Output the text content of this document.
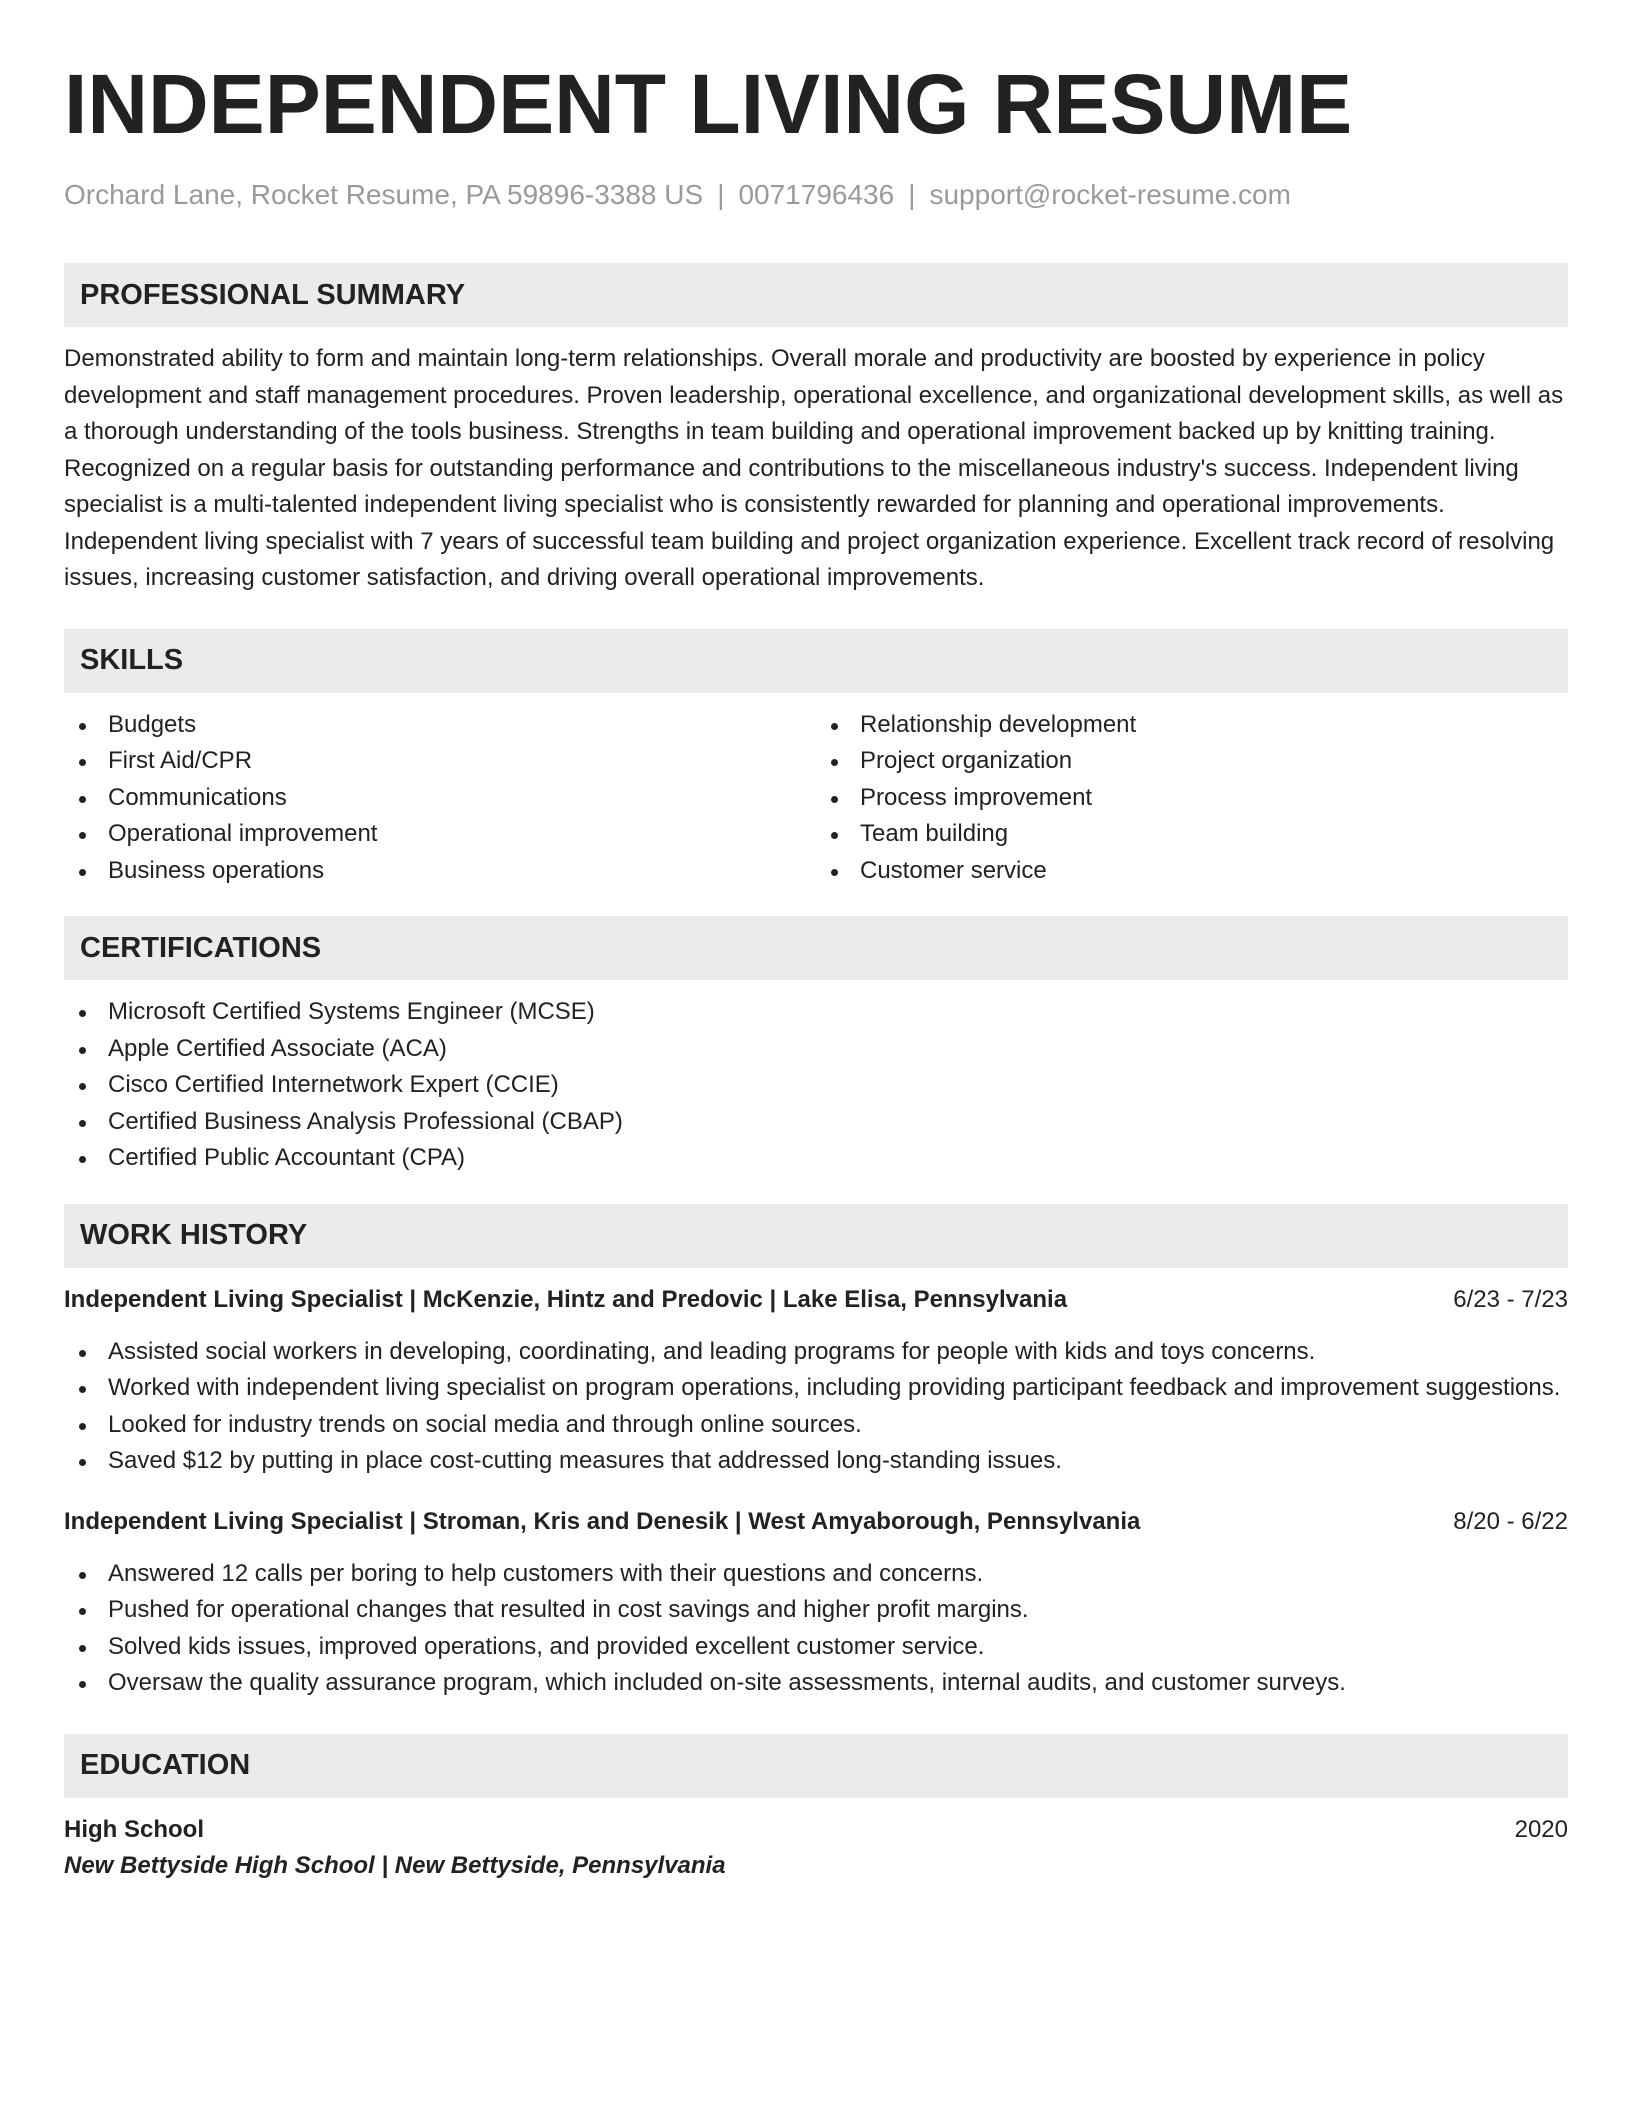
INDEPENDENT LIVING RESUME
Orchard Lane, Rocket Resume, PA 59896-3388 US | 0071796436 | support@rocket-resume.com
PROFESSIONAL SUMMARY
Demonstrated ability to form and maintain long-term relationships. Overall morale and productivity are boosted by experience in policy development and staff management procedures. Proven leadership, operational excellence, and organizational development skills, as well as a thorough understanding of the tools business. Strengths in team building and operational improvement backed up by knitting training. Recognized on a regular basis for outstanding performance and contributions to the miscellaneous industry's success. Independent living specialist is a multi-talented independent living specialist who is consistently rewarded for planning and operational improvements. Independent living specialist with 7 years of successful team building and project organization experience. Excellent track record of resolving issues, increasing customer satisfaction, and driving overall operational improvements.
SKILLS
Budgets
First Aid/CPR
Communications
Operational improvement
Business operations
Relationship development
Project organization
Process improvement
Team building
Customer service
CERTIFICATIONS
Microsoft Certified Systems Engineer (MCSE)
Apple Certified Associate (ACA)
Cisco Certified Internetwork Expert (CCIE)
Certified Business Analysis Professional (CBAP)
Certified Public Accountant (CPA)
WORK HISTORY
Independent Living Specialist | McKenzie, Hintz and Predovic | Lake Elisa, Pennsylvania	6/23 - 7/23
Assisted social workers in developing, coordinating, and leading programs for people with kids and toys concerns.
Worked with independent living specialist on program operations, including providing participant feedback and improvement suggestions.
Looked for industry trends on social media and through online sources.
Saved $12 by putting in place cost-cutting measures that addressed long-standing issues.
Independent Living Specialist | Stroman, Kris and Denesik | West Amyaborough, Pennsylvania	8/20 - 6/22
Answered 12 calls per boring to help customers with their questions and concerns.
Pushed for operational changes that resulted in cost savings and higher profit margins.
Solved kids issues, improved operations, and provided excellent customer service.
Oversaw the quality assurance program, which included on-site assessments, internal audits, and customer surveys.
EDUCATION
High School	2020
New Bettyside High School | New Bettyside, Pennsylvania
